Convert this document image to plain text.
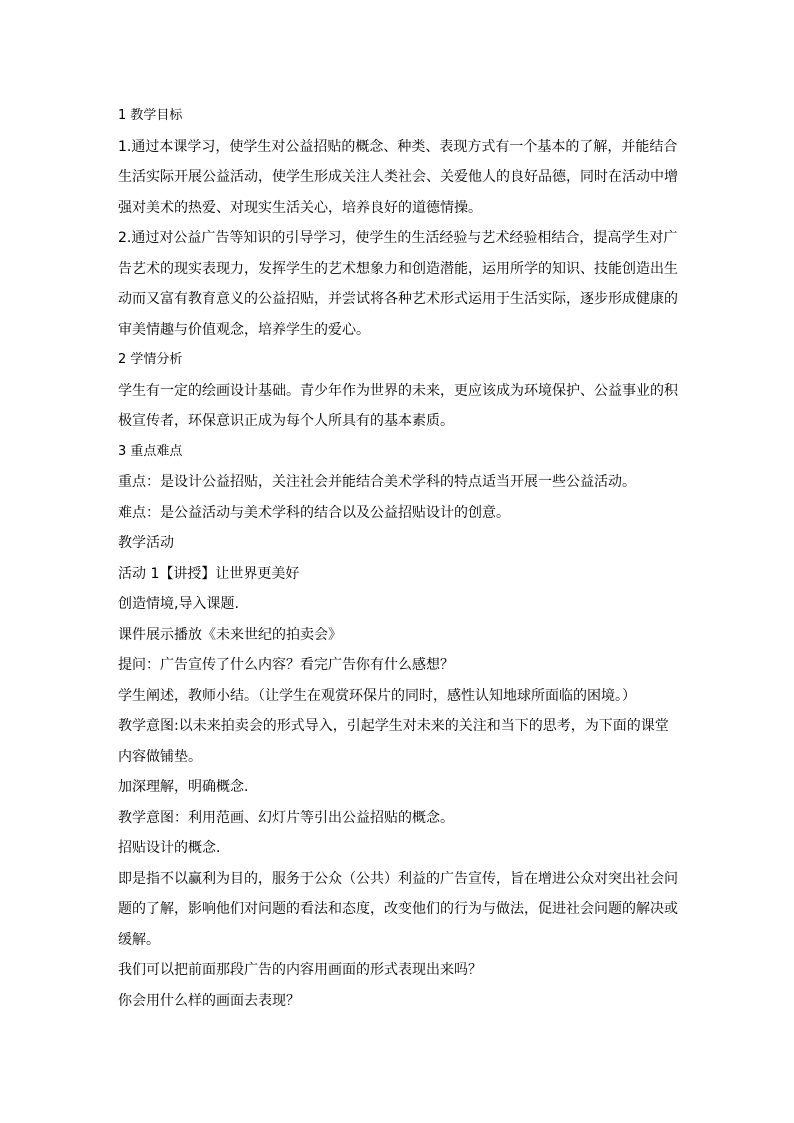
1 教学目标

1.通过本课学习，使学生对公益招贴的概念、种类、表现方式有一个基本的了解，并能结合

生活实际开展公益活动，使学生形成关注人类社会、关爱他人的良好品德，同时在活动中增

强对美术的热爱、对现实生活关心，培养良好的道德情操。

2.通过对公益广告等知识的引导学习，使学生的生活经验与艺术经验相结合，提高学生对广

告艺术的现实表现力，发挥学生的艺术想象力和创造潜能，运用所学的知识、技能创造出生

动而又富有教育意义的公益招贴，并尝试将各种艺术形式运用于生活实际，逐步形成健康的

审美情趣与价值观念，培养学生的爱心。

2 学情分析

学生有一定的绘画设计基础。青少年作为世界的未来，更应该成为环境保护、公益事业的积

极宣传者，环保意识正成为每个人所具有的基本素质。

3 重点难点

重点：是设计公益招贴，关注社会并能结合美术学科的特点适当开展一些公益活动。

难点：是公益活动与美术学科的结合以及公益招贴设计的创意。

教学活动

活动 1【讲授】让世界更美好

创造情境,导入课题.

课件展示播放《未来世纪的拍卖会》

提问：广告宣传了什么内容？看完广告你有什么感想？

学生阐述，教师小结。（让学生在观赏环保片的同时，感性认知地球所面临的困境。）

教学意图:以未来拍卖会的形式导入，引起学生对未来的关注和当下的思考，为下面的课堂

内容做铺垫。

加深理解，明确概念.

教学意图：利用范画、幻灯片等引出公益招贴的概念。

招贴设计的概念.

即是指不以赢利为目的，服务于公众（公共）利益的广告宣传，旨在增进公众对突出社会问

题的了解，影响他们对问题的看法和态度，改变他们的行为与做法，促进社会问题的解决或

缓解。

我们可以把前面那段广告的内容用画面的形式表现出来吗？

你会用什么样的画面去表现？
